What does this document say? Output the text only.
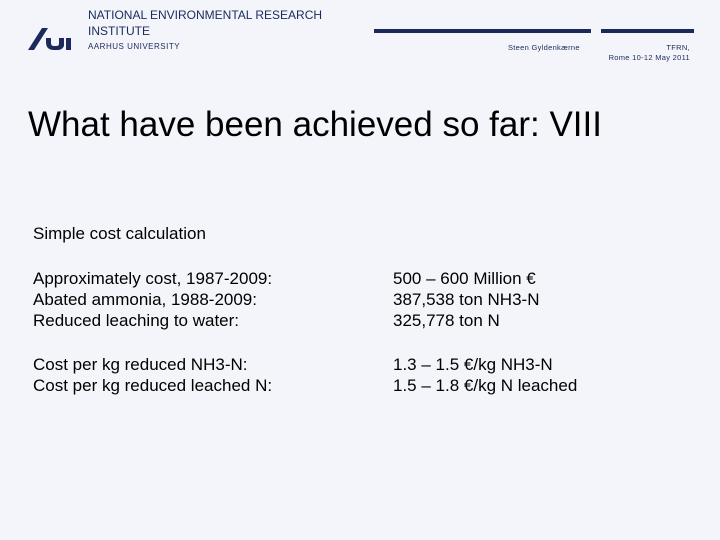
NATIONAL ENVIRONMENTAL RESEARCH INSTITUTE
AARHUS UNIVERSITY	Steen Gyldenkærne	TFRN,
Rome 10-12 May 2011
What have been achieved so far: VIII
Simple cost calculation
Approximately cost, 1987-2009:
Abated ammonia, 1988-2009:
Reduced leaching to water:
500 – 600 Million €
387,538 ton NH3-N
325,778 ton N
Cost per kg reduced NH3-N:
Cost per kg reduced leached N:
1.3 – 1.5 €/kg NH3-N
1.5 – 1.8 €/kg N leached
